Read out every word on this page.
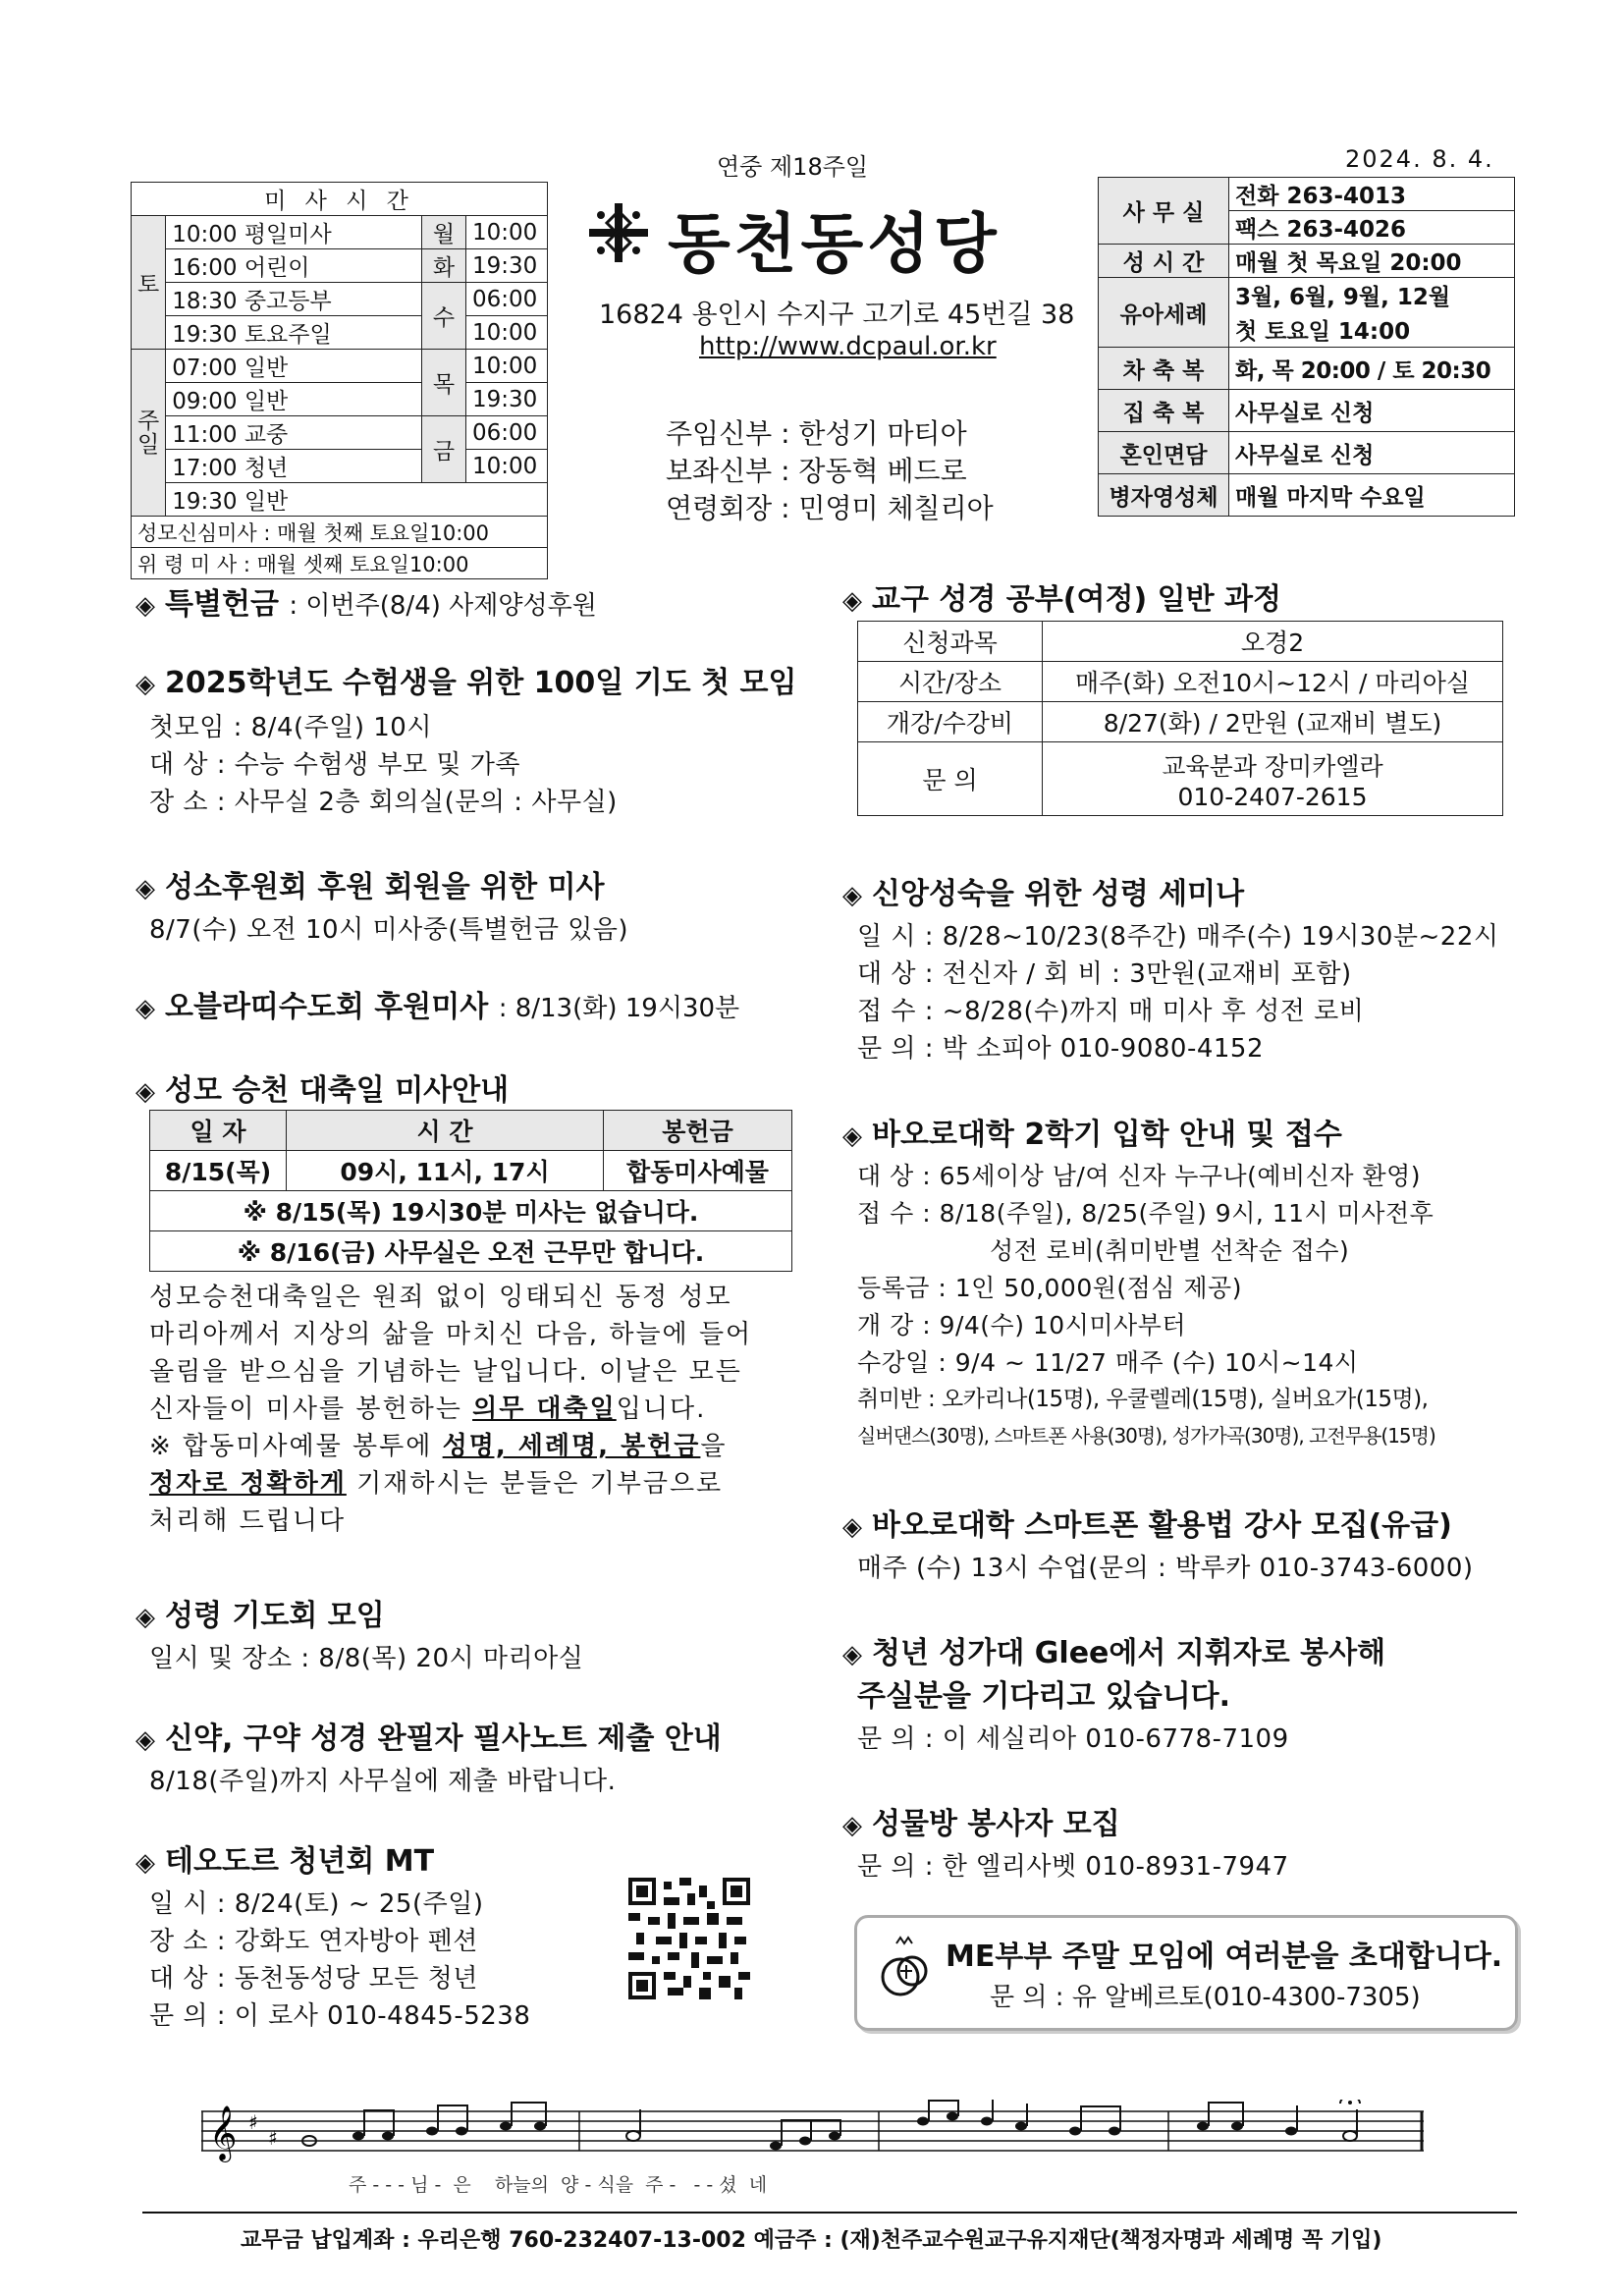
연중 제18주일	2024. 8. 4.
미 사 시 간			
토	10:00 평일미사	월	10:00
	16:00 어린이	화	19:30
	18:30 중고등부	수	06:00
	19:30 토요주일		10:00
주
일	07:00 일반	목	10:00
	09:00 일반		19:30
	11:00 교중	금	06:00
	17:00 청년		10:00
	19:30 일반		
성모신심미사 : 매월 첫째 토요일10:00			
위 령 미 사 : 매월 셋째 토요일10:00			
동천동성당
16824 용인시 수지구 고기로 45번길 38
http://www.dcpaul.or.kr
주임신부 : 한성기 마티아
보좌신부 : 장동혁 베드로
연령회장 : 민영미 체칠리아
사 무 실	전화 263-4013
	팩스 263-4026
성 시 간	매월 첫 목요일 20:00
유아세례	3월, 6월, 9월, 12월
	첫 토요일 14:00
차 축 복	화, 목 20:00 / 토 20:30
집 축 복	사무실로 신청
혼인면담	사무실로 신청
병자영성체	매월 마지막 수요일
◈ 특별헌금 : 이번주(8/4) 사제양성후원
◈ 2025학년도 수험생을 위한 100일 기도 첫 모임
첫모임 : 8/4(주일) 10시
대 상 : 수능 수험생 부모 및 가족
장 소 : 사무실 2층 회의실(문의 : 사무실)
◈ 성소후원회 후원 회원을 위한 미사
8/7(수) 오전 10시 미사중(특별헌금 있음)
◈ 오블라띠수도회 후원미사 : 8/13(화) 19시30분
◈ 성모 승천 대축일 미사안내
일 자	시 간	봉헌금
8/15(목)	09시, 11시, 17시	합동미사예물
※ 8/15(목) 19시30분 미사는 없습니다.		
※ 8/16(금) 사무실은 오전 근무만 합니다.		
성모승천대축일은 원죄 없이 잉태되신 동정 성모
마리아께서 지상의 삶을 마치신 다음, 하늘에 들어
올림을 받으심을 기념하는 날입니다. 이날은 모든
신자들이 미사를 봉헌하는 의무 대축일입니다.
※ 합동미사예물 봉투에 성명, 세례명, 봉헌금을
정자로 정확하게 기재하시는 분들은 기부금으로
처리해 드립니다
◈ 성령 기도회 모임
일시 및 장소 : 8/8(목) 20시 마리아실
◈ 신약, 구약 성경 완필자 필사노트 제출 안내
8/18(주일)까지 사무실에 제출 바랍니다.
◈ 테오도르 청년회 MT
일 시 : 8/24(토) ~ 25(주일)
장 소 : 강화도 연자방아 펜션
대 상 : 동천동성당 모든 청년
문 의 : 이 로사 010-4845-5238
◈ 교구 성경 공부(여정) 일반 과정
신청과목	오경2
시간/장소	매주(화) 오전10시~12시 / 마리아실
개강/수강비	8/27(화) / 2만원 (교재비 별도)
문 의	교육분과 장미카엘라
010-2407-2615
◈ 신앙성숙을 위한 성령 세미나
일 시 : 8/28~10/23(8주간) 매주(수) 19시30분~22시
대 상 : 전신자 / 회 비 : 3만원(교재비 포함)
접 수 : ~8/28(수)까지 매 미사 후 성전 로비
문 의 : 박 소피아 010-9080-4152
◈ 바오로대학 2학기 입학 안내 및 접수
대 상 : 65세이상 남/여 신자 누구나(예비신자 환영)
접 수 : 8/18(주일), 8/25(주일) 9시, 11시 미사전후
성전 로비(취미반별 선착순 접수)
등록금 : 1인 50,000원(점심 제공)
개 강 : 9/4(수) 10시미사부터
수강일 : 9/4 ~ 11/27 매주 (수) 10시~14시
취미반 : 오카리나(15명), 우쿨렐레(15명), 실버요가(15명),
실버댄스(30명), 스마트폰 사용(30명), 성가가곡(30명), 고전무용(15명)
◈ 바오로대학 스마트폰 활용법 강사 모집(유급)
매주 (수) 13시 수업(문의 : 박루카 010-3743-6000)
◈ 청년 성가대 Glee에서 지휘자로 봉사해
주실분을 기다리고 있습니다.
문 의 : 이 세실리아 010-6778-7109
◈ 성물방 봉사자 모집
문 의 : 한 엘리사벳 010-8931-7947
ME부부 주말 모임에 여러분을 초대합니다.
문 의 : 유 알베르토(010-4300-7305)
𝄞 ♯
♯
주 - - - 님 -  은    하늘의  양 - 식을  주 -   - - 셨  네
교무금 납입계좌 : 우리은행 760-232407-13-002 예금주 : (재)천주교수원교구유지재단(책정자명과 세례명 꼭 기입)
